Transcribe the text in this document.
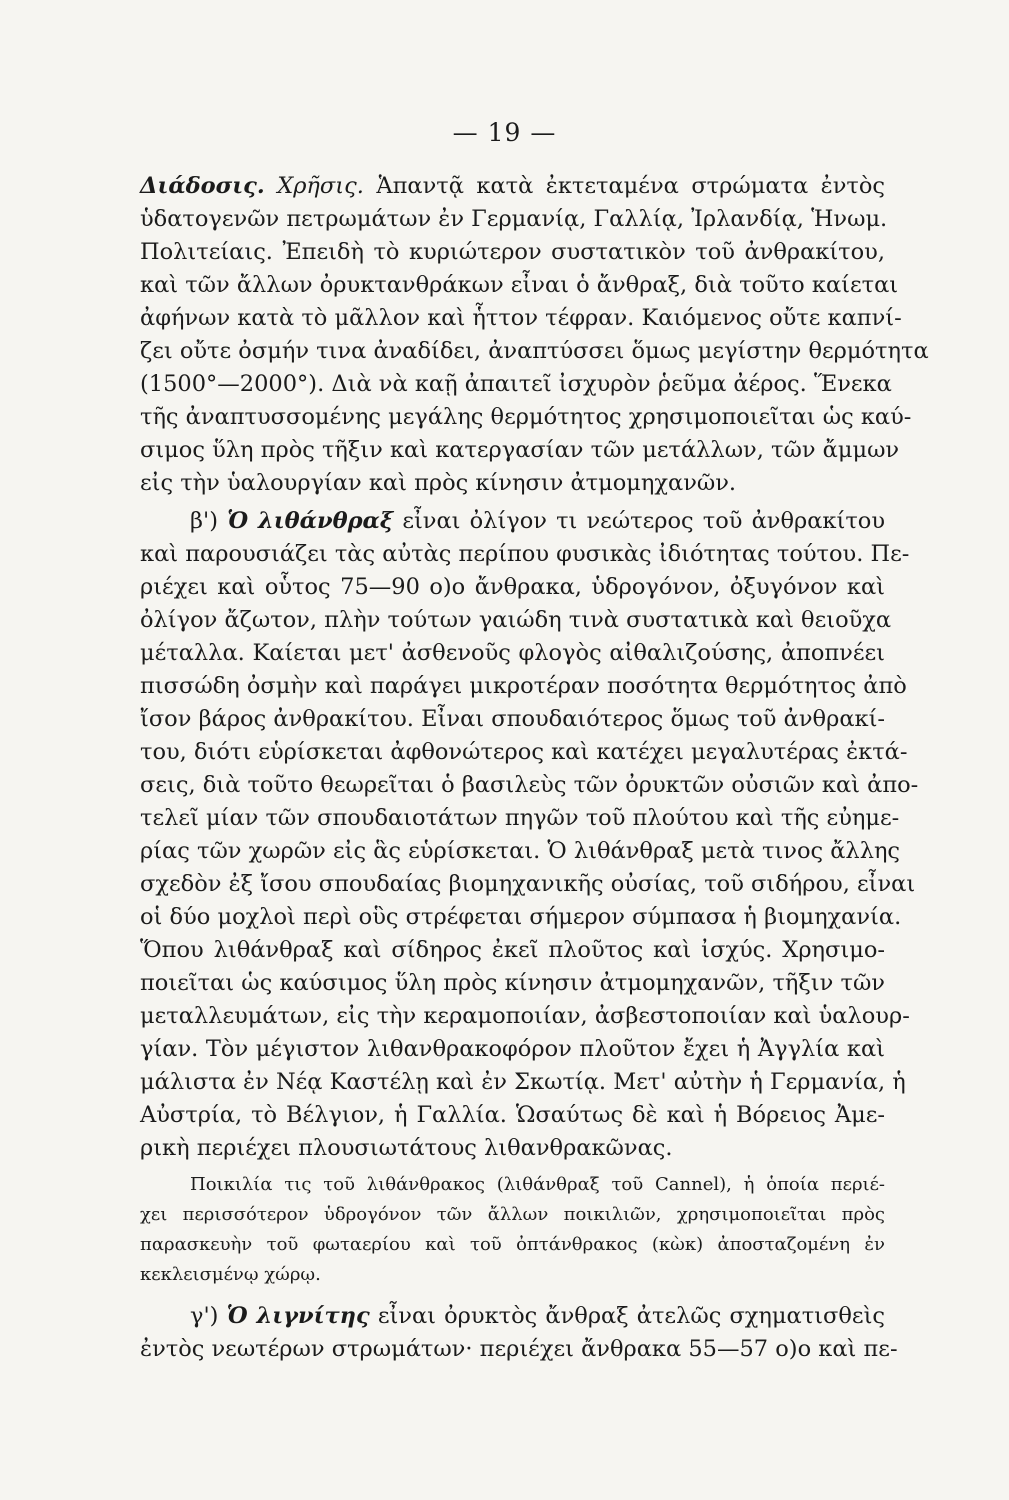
— 19 —
Διάδοσις. Χρῆσις. Ἁπαντᾷ κατὰ ἐκτεταμένα στρώματα ἐντὸς
ὑδατογενῶν πετρωμάτων ἐν Γερμανίᾳ, Γαλλίᾳ, Ἰρλανδίᾳ, Ἡνωμ.
Πολιτείαις. Ἐπειδὴ τὸ κυριώτερον συστατικὸν τοῦ ἀνθρακίτου,
καὶ τῶν ἄλλων ὀρυκτανθράκων εἶναι ὁ ἄνθραξ, διὰ τοῦτο καίεται
ἀφήνων κατὰ τὸ μᾶλλον καὶ ἧττον τέφραν. Καιόμενος οὔτε καπνί-
ζει οὔτε ὀσμήν τινα ἀναδίδει, ἀναπτύσσει ὅμως μεγίστην θερμότητα
(1500°—2000°). Διὰ νὰ καῇ ἀπαιτεῖ ἰσχυρὸν ῥεῦμα ἀέρος. Ἕνεκα
τῆς ἀναπτυσσομένης μεγάλης θερμότητος χρησιμοποιεῖται ὡς καύ-
σιμος ὕλη πρὸς τῆξιν καὶ κατεργασίαν τῶν μετάλλων, τῶν ἄμμων
εἰς τὴν ὑαλουργίαν καὶ πρὸς κίνησιν ἀτμομηχανῶν.
β') Ὁ λιθάνθραξ εἶναι ὀλίγον τι νεώτερος τοῦ ἀνθρακίτου
καὶ παρουσιάζει τὰς αὐτὰς περίπου φυσικὰς ἰδιότητας τούτου. Πε-
ριέχει καὶ οὗτος 75—90 ο)ο ἄνθρακα, ὑδρογόνον, ὀξυγόνον καὶ
ὀλίγον ἄζωτον, πλὴν τούτων γαιώδη τινὰ συστατικὰ καὶ θειοῦχα
μέταλλα. Καίεται μετ' ἀσθενοῦς φλογὸς αἰθαλιζούσης, ἀποπνέει
πισσώδη ὀσμὴν καὶ παράγει μικροτέραν ποσότητα θερμότητος ἀπὸ
ἴσον βάρος ἀνθρακίτου. Εἶναι σπουδαιότερος ὅμως τοῦ ἀνθρακί-
του, διότι εὑρίσκεται ἀφθονώτερος καὶ κατέχει μεγαλυτέρας ἐκτά-
σεις, διὰ τοῦτο θεωρεῖται ὁ βασιλεὺς τῶν ὀρυκτῶν οὐσιῶν καὶ ἀπο-
τελεῖ μίαν τῶν σπουδαιοτάτων πηγῶν τοῦ πλούτου καὶ τῆς εὐημε-
ρίας τῶν χωρῶν εἰς ἃς εὑρίσκεται. Ὁ λιθάνθραξ μετὰ τινος ἄλλης
σχεδὸν ἐξ ἴσου σπουδαίας βιομηχανικῆς οὐσίας, τοῦ σιδήρου, εἶναι
οἱ δύο μοχλοὶ περὶ οὓς στρέφεται σήμερον σύμπασα ἡ βιομηχανία.
Ὅπου λιθάνθραξ καὶ σίδηρος ἐκεῖ πλοῦτος καὶ ἰσχύς. Χρησιμο-
ποιεῖται ὡς καύσιμος ὕλη πρὸς κίνησιν ἀτμομηχανῶν, τῆξιν τῶν
μεταλλευμάτων, εἰς τὴν κεραμοποιίαν, ἀσβεστοποιίαν καὶ ὑαλουρ-
γίαν. Τὸν μέγιστον λιθανθρακοφόρον πλοῦτον ἔχει ἡ Ἀγγλία καὶ
μάλιστα ἐν Νέᾳ Καστέλῃ καὶ ἐν Σκωτίᾳ. Μετ' αὐτὴν ἡ Γερμανία, ἡ
Αὐστρία, τὸ Βέλγιον, ἡ Γαλλία. Ὡσαύτως δὲ καὶ ἡ Βόρειος Ἀμε-
ρικὴ περιέχει πλουσιωτάτους λιθανθρακῶνας.
Ποικιλία τις τοῦ λιθάνθρακος (λιθάνθραξ τοῦ Cannel), ἡ ὁποία περιέ-
χει περισσότερον ὑδρογόνον τῶν ἄλλων ποικιλιῶν, χρησιμοποιεῖται πρὸς
παρασκευὴν τοῦ φωταερίου καὶ τοῦ ὀπτάνθρακος (κὼκ) ἀποσταζομένη ἐν
κεκλεισμένῳ χώρῳ.
γ') Ὁ λιγνίτης εἶναι ὀρυκτὸς ἄνθραξ ἀτελῶς σχηματισθεὶς
ἐντὸς νεωτέρων στρωμάτων· περιέχει ἄνθρακα 55—57 ο)ο καὶ πε-
